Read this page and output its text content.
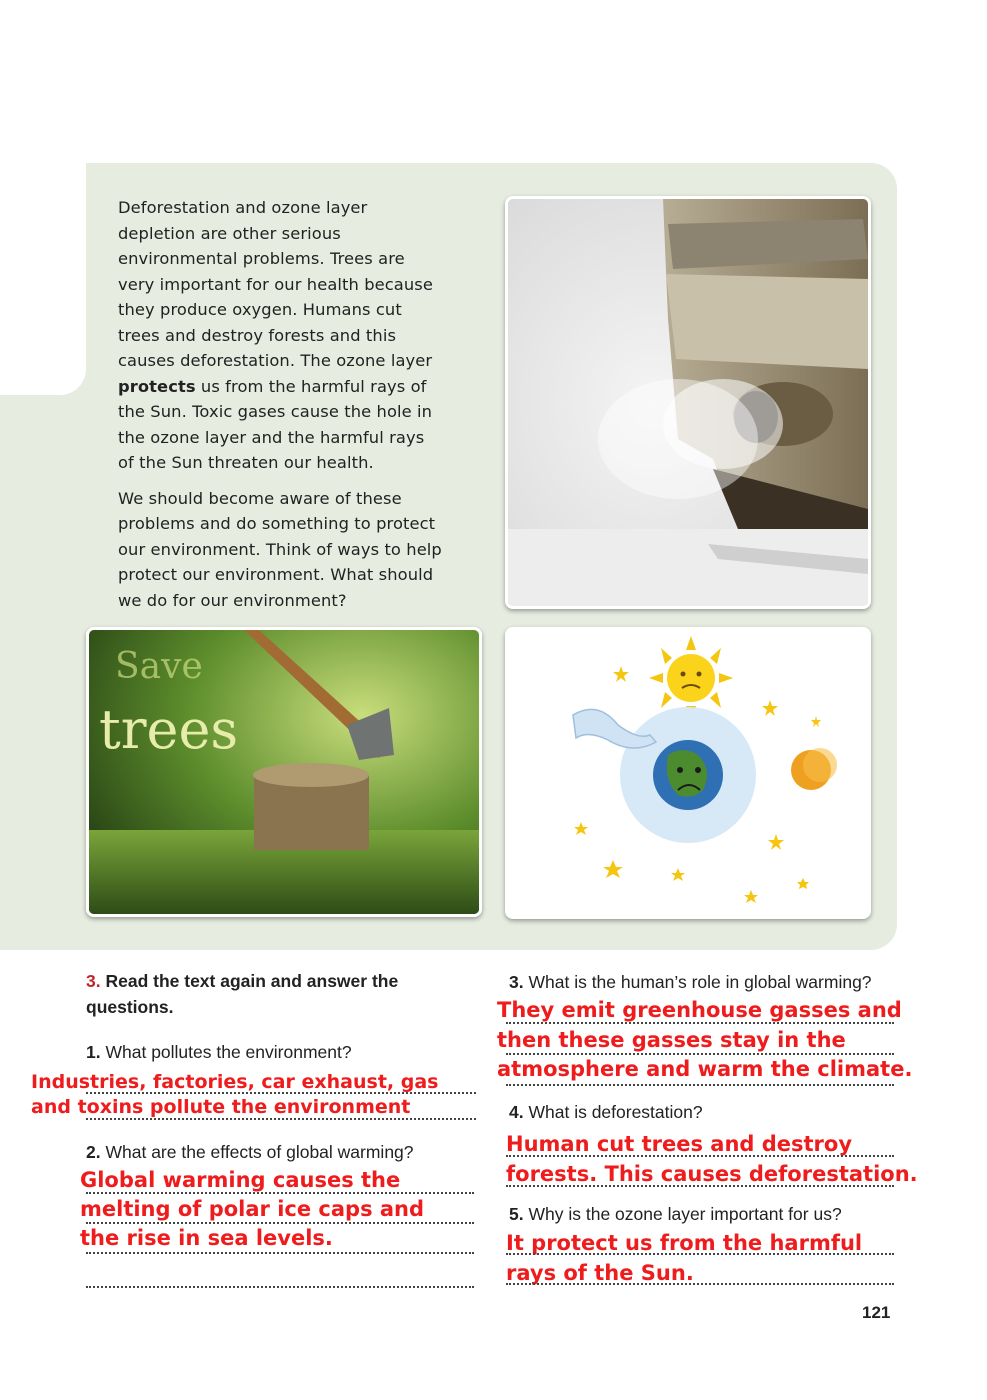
Deforestation and ozone layer
depletion are other serious
environmental problems. Trees are
very important for our health because
they produce oxygen. Humans cut
trees and destroy forests and this
causes deforestation. The ozone layer
protects us from the harmful rays of
the Sun. Toxic gases cause the hole in
the ozone layer and the harmful rays
of the Sun threaten our health.

We should become aware of these
problems and do something to protect
our environment. Think of ways to help
protect our environment. What should
we do for our environment?

Save
trees
3. Read the text again and answer the questions.
1. What pollutes the environment?
Industries, factories, car exhaust, gas
and toxins pollute the environment
2. What are the effects of global warming?
Global warming causes the
melting of polar ice caps and
the rise in sea levels.
3. What is the human’s role in global warming?
They emit greenhouse gasses and
then these gasses stay in the
atmosphere and warm the climate.
4. What is deforestation?
Human cut trees and destroy
forests. This causes deforestation.
5. Why is the ozone layer important for us?
It protect us from the harmful
rays of the Sun.
121
